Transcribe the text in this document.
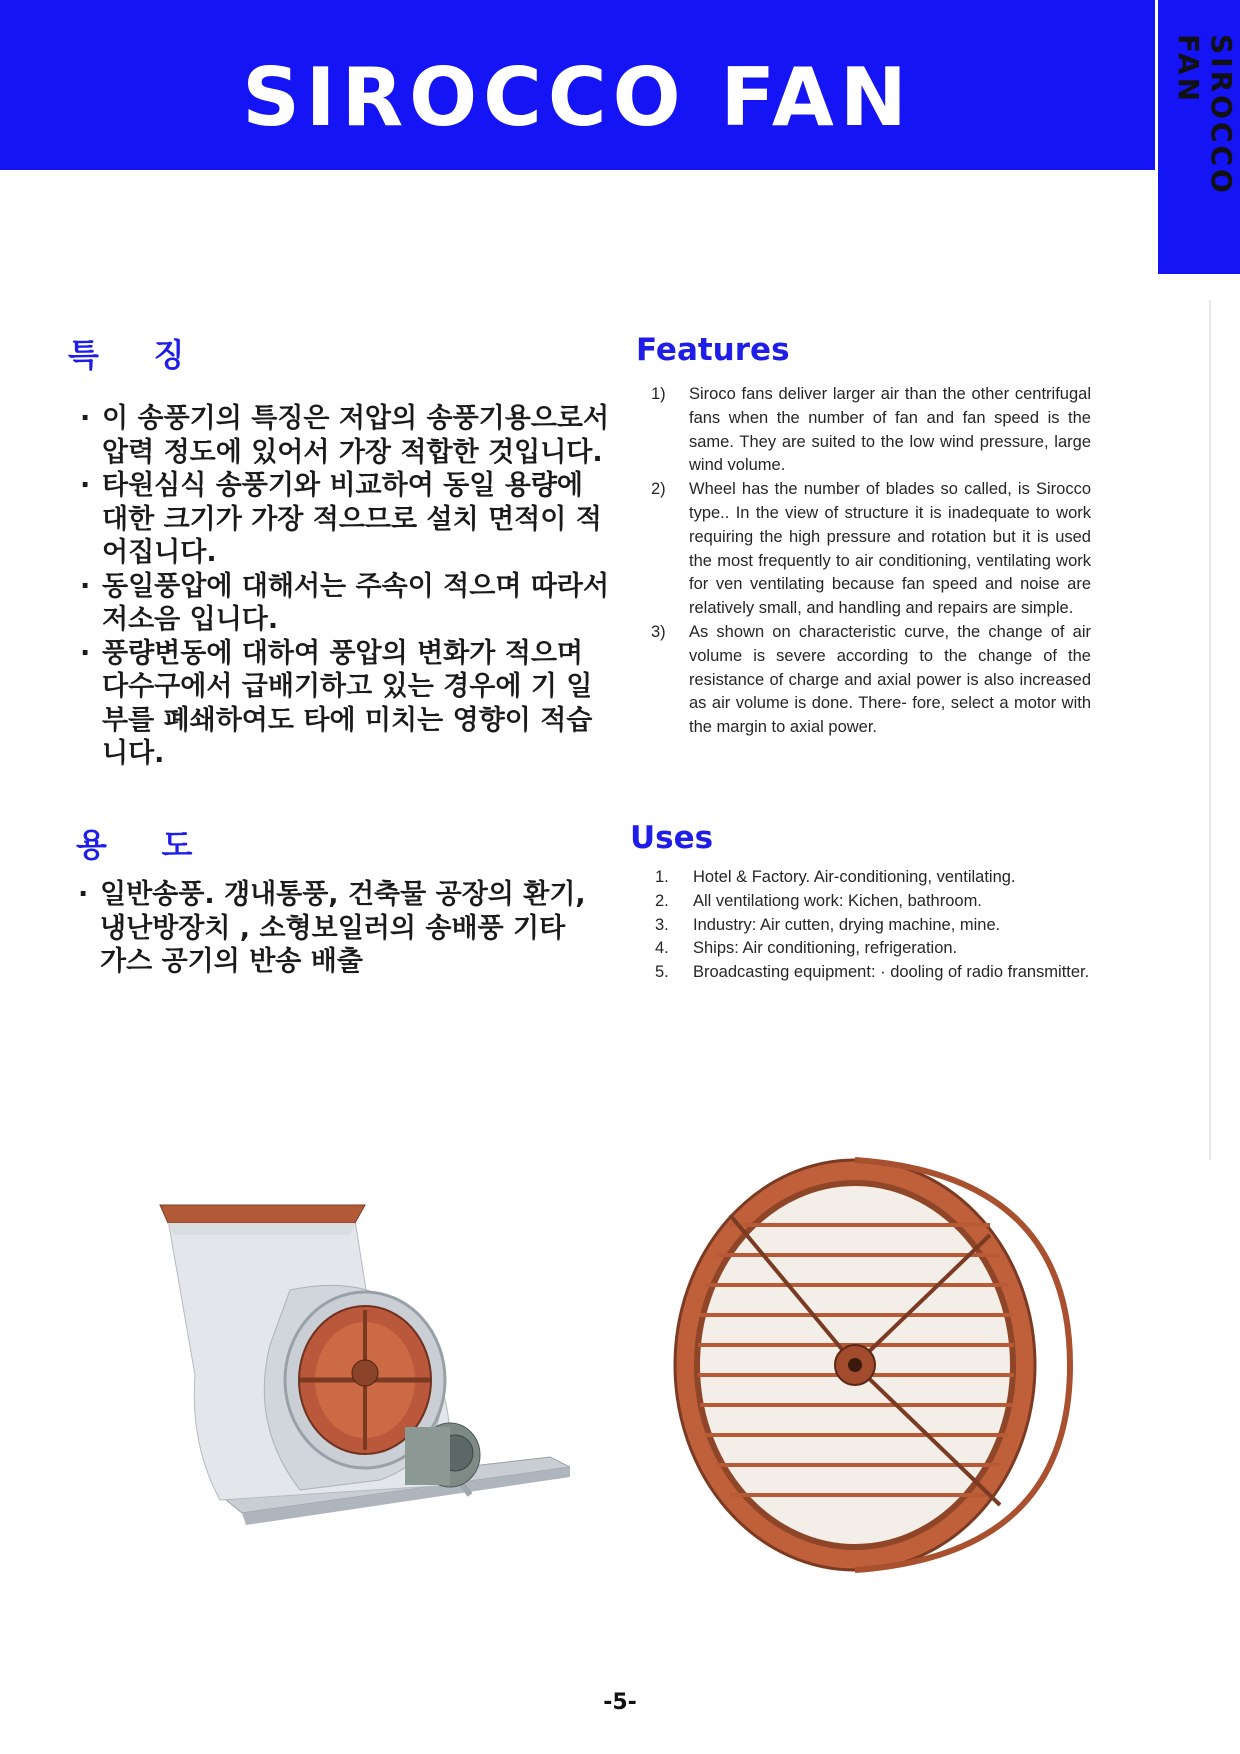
SIROCCO FAN	SIROCCO FAN
특    징
· 이 송풍기의 특징은 저압의 송풍기용으로서 압력 정도에 있어서 가장 적합한 것입니다.
· 타원심식 송풍기와 비교하여 동일 용량에 대한 크기가 가장 적으므로 설치 면적이 적어집니다.
· 동일풍압에 대해서는 주속이 적으며 따라서 저소음 입니다.
· 풍량변동에 대하여 풍압의 변화가 적으며 다수구에서 급배기하고 있는 경우에 기 일부를 폐쇄하여도 타에 미치는 영향이 적습니다.
용    도
· 일반송풍. 갱내통풍, 건축물 공장의 환기, 냉난방장치 , 소형보일러의 송배풍 기타 가스 공기의 반송 배출
Features
1) Siroco fans deliver larger air than the other centrifugal fans when the number of fan and fan speed is the same. They are suited to the low wind pressure, large wind volume.
2) Wheel has the number of blades so called, is Sirocco type.. In the view of structure it is inadequate to work requiring the high pressure and rotation but it is used the most frequently to air conditioning, ventilating work for ven ventilating because fan speed and noise are relatively small, and handling and repairs are simple.
3) As shown on characteristic curve, the change of air volume is severe according to the change of the resistance of charge and axial power is also increased as air volume is done. There- fore, select a motor with the margin to axial power.
Uses
1. Hotel & Factory. Air-conditioning, ventilating.
2. All ventilationg work: Kichen, bathroom.
3. Industry: Air cutten, drying machine, mine.
4. Ships: Air conditioning, refrigeration.
5. Broadcasting equipment: · dooling of radio fransmitter.
-5-
